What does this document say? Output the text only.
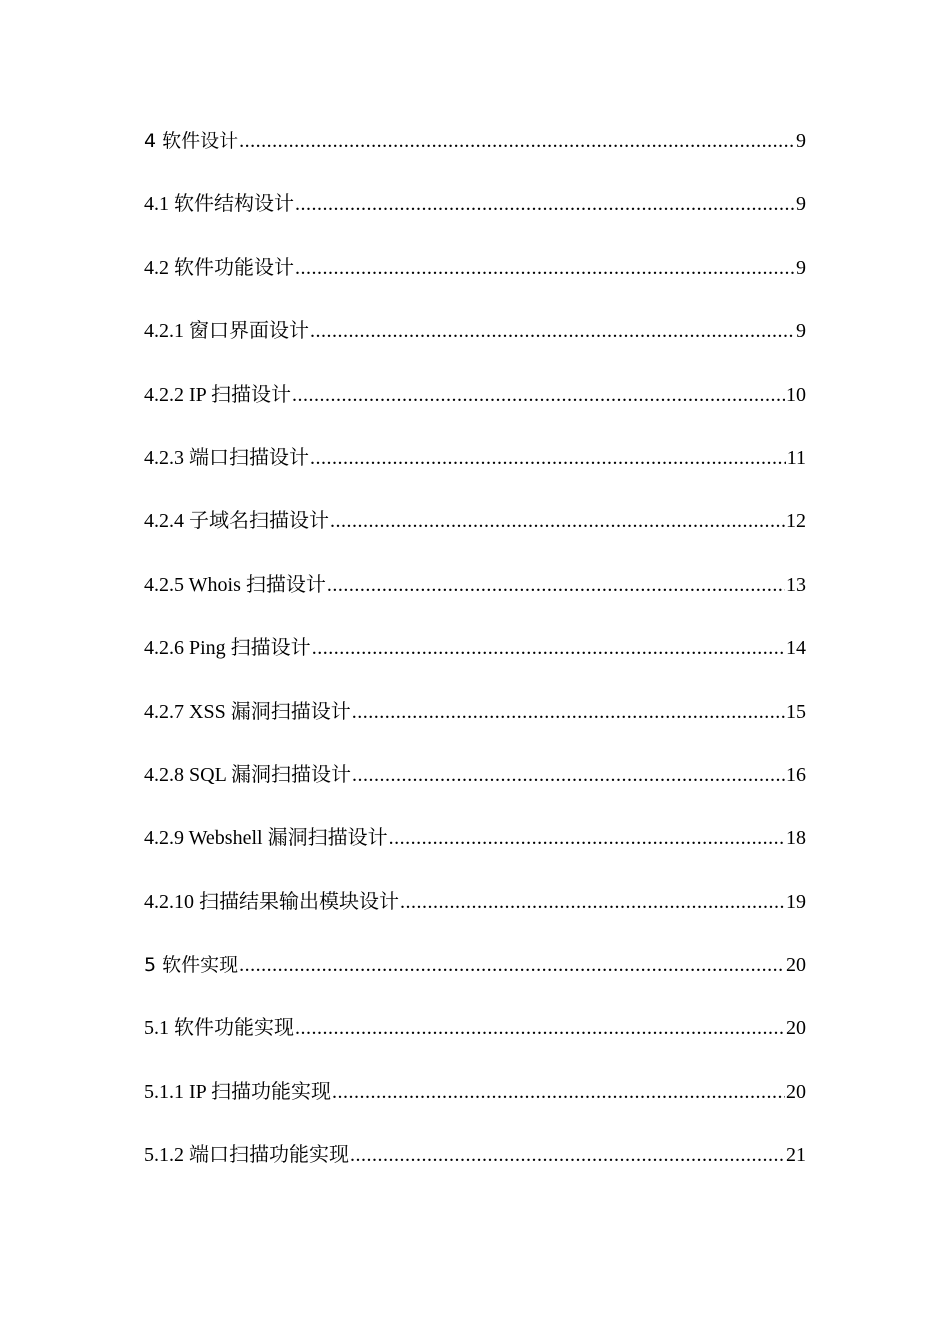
4 软件设计 .....	9
4.1 软件结构设计 .....	9
4.2 软件功能设计 .....	9
4.2.1 窗口界面设计 .....	9
4.2.2 IP 扫描设计 .....	10
4.2.3 端口扫描设计 .....	11
4.2.4 子域名扫描设计 .....	12
4.2.5 Whois 扫描设计 .....	13
4.2.6 Ping 扫描设计 .....	14
4.2.7 XSS 漏洞扫描设计 .....	15
4.2.8 SQL 漏洞扫描设计 .....	16
4.2.9 Webshell 漏洞扫描设计 .....	18
4.2.10 扫描结果输出模块设计 .....	19
5 软件实现 .....	20
5.1 软件功能实现 .....	20
5.1.1 IP 扫描功能实现 .....	20
5.1.2 端口扫描功能实现 .....	21
